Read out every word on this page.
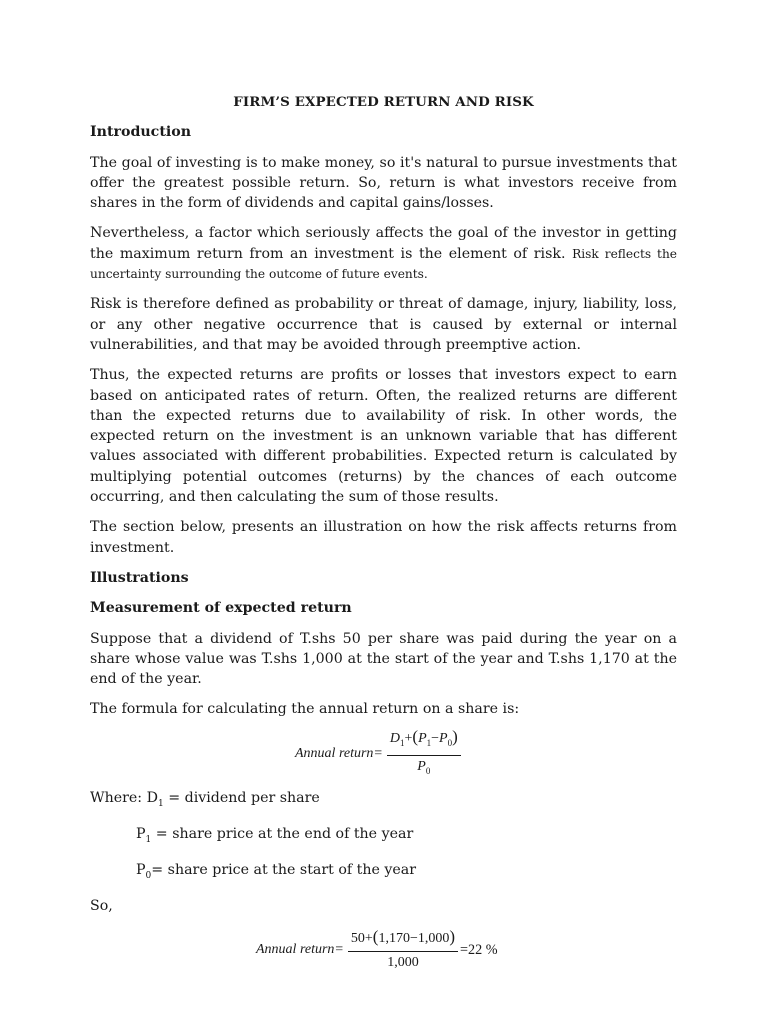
FIRM’S EXPECTED RETURN AND RISK
Introduction

The goal of investing is to make money, so it's natural to pursue investments that offer the greatest possible return. So, return is what investors receive from shares in the form of dividends and capital gains/losses.

Nevertheless, a factor which seriously affects the goal of the investor in getting the maximum return from an investment is the element of risk. Risk reflects the uncertainty surrounding the outcome of future events.

Risk is therefore defined as probability or threat of damage, injury, liability, loss, or any other negative occurrence that is caused by external or internal vulnerabilities, and that may be avoided through preemptive action.

Thus, the expected returns are profits or losses that investors expect to earn based on anticipated rates of return. Often, the realized returns are different than the expected returns due to availability of risk. In other words, the expected return on the investment is an unknown variable that has different values associated with different probabilities. Expected return is calculated by multiplying potential outcomes (returns) by the chances of each outcome occurring, and then calculating the sum of those results.

The section below, presents an illustration on how the risk affects returns from investment.

Illustrations
Measurement of expected return

Suppose that a dividend of T.shs 50 per share was paid during the year on a share whose value was T.shs 1,000 at the start of the year and T.shs 1,170 at the end of the year.

The formula for calculating the annual return on a share is:

Annual return= $\frac{D_1+(P_1-P_0)}{P_0}$
Where: $D_1$ = dividend per share
$P_1$ = share price at the end of the year
$P_0=$ share price at the start of the year
So,
Annual return= $\frac{50+(1,170-1,000)}{1,000} =22$ %
